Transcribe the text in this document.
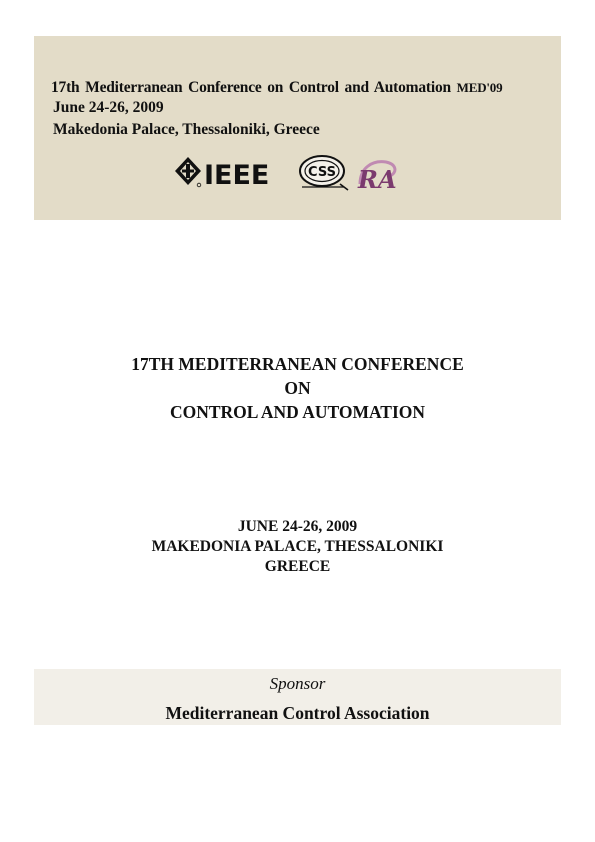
17th Mediterranean Conference on Control and Automation MED'09
June 24-26, 2009
Makedonia Palace, Thessaloniki, Greece
IEEE	CSS RA
17TH MEDITERRANEAN CONFERENCE
ON
CONTROL AND AUTOMATION
JUNE 24-26, 2009
MAKEDONIA PALACE, THESSALONIKI
GREECE
Sponsor
Mediterranean Control Association
